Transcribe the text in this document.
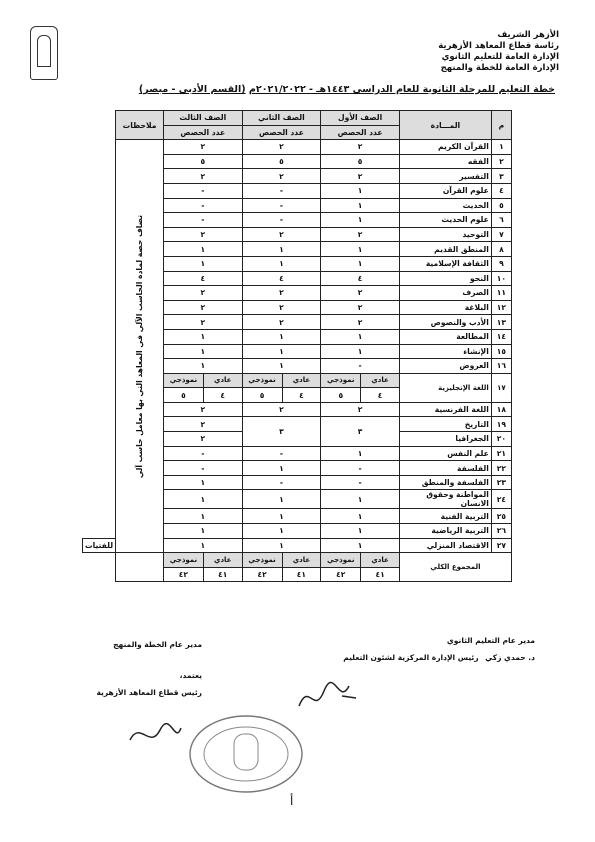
الأزهر الشريف
رئاسة قطاع المعاهد الأزهرية
الإدارة العامة للتعليم الثانوي
الإدارة العامة للخطة والمنهج
خطة التعليم للمرحلة الثانوية للعام الدراسي ١٤٤٣هـ - ٢٠٢١/٢٠٢٢م (القسم الأدبي - مبصر)
م	المـــادة	الصف الأول		الصف الثاني		الصف الثالث		ملاحظات	
		عدد الحصص		عدد الحصص		عدد الحصص			
١	القرآن الكريم	٢		٢		٢		تضاف حصة لمادة الحاسب الآلي في المعاهد التي بها معامل حاسب آلي	

٢	الفقه	٥		٥		٥			
٣	التفسير	٢		٢		٢			
٤	علوم القرآن	١		-		-			
٥	الحديث	١		-		-			
٦	علوم الحديث	١		-		-			
٧	التوحيد	٢		٢		٢			
٨	المنطق القديم	١		١		١			
٩	الثقافة الإسلامية	١		١		١			
١٠	النحو	٤		٤		٤			
١١	الصرف	٢		٢		٢			
١٢	البلاغة	٢		٢		٢			
١٣	الأدب والنصوص	٢		٢		٢			
١٤	المطالعة	١		١		١			
١٥	الإنشاء	١		١		١			
١٦	العروض	-		١		١			
١٧	اللغة الإنجليزية	عادي	نموذجي	عادي	نموذجي	عادي	نموذجي		
		٤	٥	٤	٥	٤	٥		
١٨	اللغة الفرنسية	٢		٢		٢			
١٩	التاريخ	٣		٣		٢			
٢٠	الجغرافيا					٢			
٢١	علم النفس	١		-		-			
٢٢	الفلسفة	-		١		-			
٢٣	الفلسفة والمنطق	-		-		١			
٢٤	المواطنة وحقوق الانسان	١		١		١			
٢٥	التربية الفنية	١		١		١			
٢٦	التربية الرياضية	١		١		١			
٢٧	الاقتصاد المنزلي	١		١		١			للفتيات
المجموع الكلي		عادي	نموذجي	عادي	نموذجي	عادي	نموذجي		
		٤١	٤٢	٤١	٤٢	٤١	٤٢		
مدير عام التعليم الثانوي
د. حمدي زكي رئيس الإدارة المركزية لشئون التعليم
مدير عام الخطة والمنهج
يعتمد،
رئيس قطاع المعاهد الأزهرية
أ
